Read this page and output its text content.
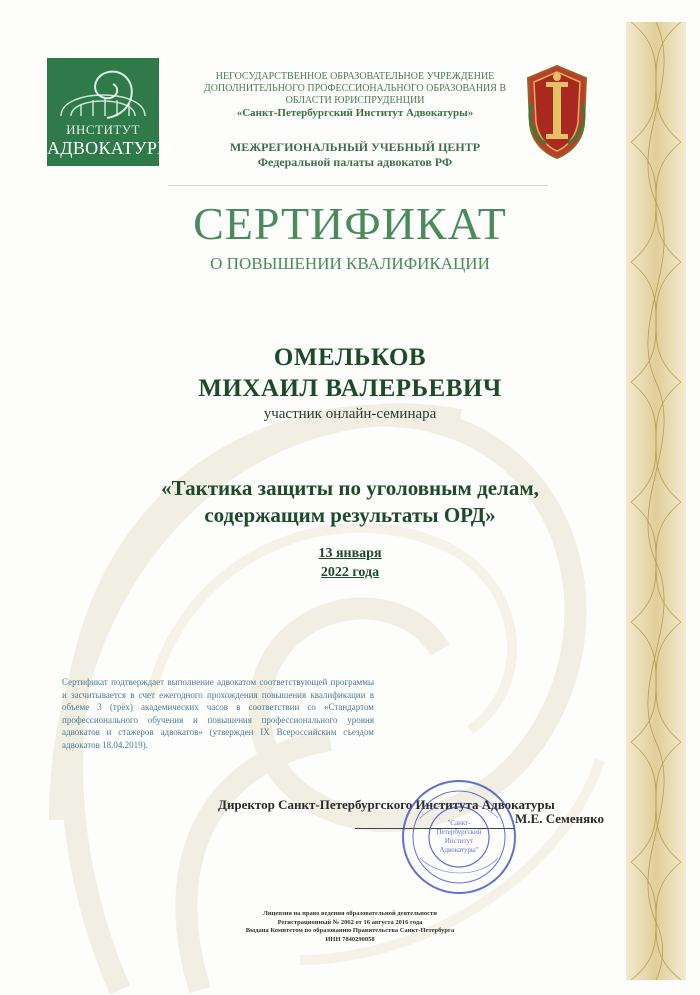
ИНСТИТУТ
АДВОКАТУРЫ
НЕГОСУДАРСТВЕННОЕ ОБРАЗОВАТЕЛЬНОЕ УЧРЕЖДЕНИЕ
ДОПОЛНИТЕЛЬНОГО ПРОФЕССИОНАЛЬНОГО ОБРАЗОВАНИЯ В
ОБЛАСТИ ЮРИСПРУДЕНЦИИ
«Санкт-Петербургский Институт Адвокатуры»
МЕЖРЕГИОНАЛЬНЫЙ УЧЕБНЫЙ ЦЕНТР
Федеральной палаты адвокатов РФ
СЕРТИФИКАТ
О ПОВЫШЕНИИ КВАЛИФИКАЦИИ
ОМЕЛЬКОВ
МИХАИЛ ВАЛЕРЬЕВИЧ
участник онлайн-семинара
«Тактика защиты по уголовным делам,
содержащим результаты ОРД»
13 января
2022 года
Сертификат подтверждает выполнение адвокатом соответствующей программы и засчитывается в счет ежегодного прохождения повышения квалификации в объеме 3 (трёх) академических часов в соответствии со «Стандартом профессионального обучения и повышения профессионального уровня адвокатов и стажеров адвокатов» (утвержден IX Всероссийским съездом адвокатов 18.04.2019).
Директор Санкт-Петербургского Института Адвокатуры
М.Е. Семеняко
"Санкт-
Петербургский
Институт
Адвокатуры"
Лицензия на право ведения образовательной деятельности
Регистрационный № 2062 от 16 августа 2016 года
Выдана Комитетом по образованию Правительства Санкт-Петербурга
ИНН 7840290058
